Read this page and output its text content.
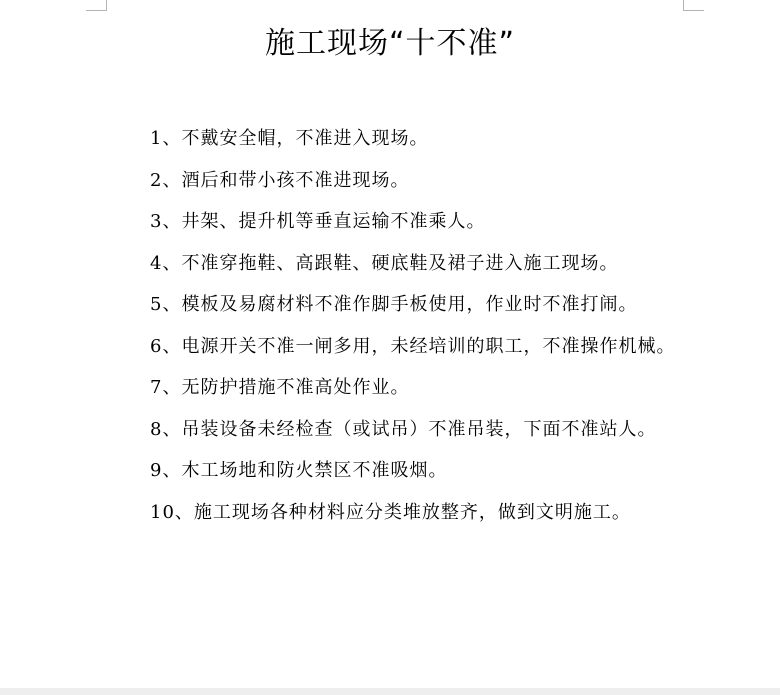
施工现场“十不准”

1、不戴安全帽，不准进入现场。

2、酒后和带小孩不准进现场。

3、井架、提升机等垂直运输不准乘人。

4、不准穿拖鞋、高跟鞋、硬底鞋及裙子进入施工现场。

5、模板及易腐材料不准作脚手板使用，作业时不准打闹。

6、电源开关不准一闸多用，未经培训的职工，不准操作机械。

7、无防护措施不准高处作业。

8、吊装设备未经检查（或试吊）不准吊装，下面不准站人。

9、木工场地和防火禁区不准吸烟。

10、施工现场各种材料应分类堆放整齐，做到文明施工。
